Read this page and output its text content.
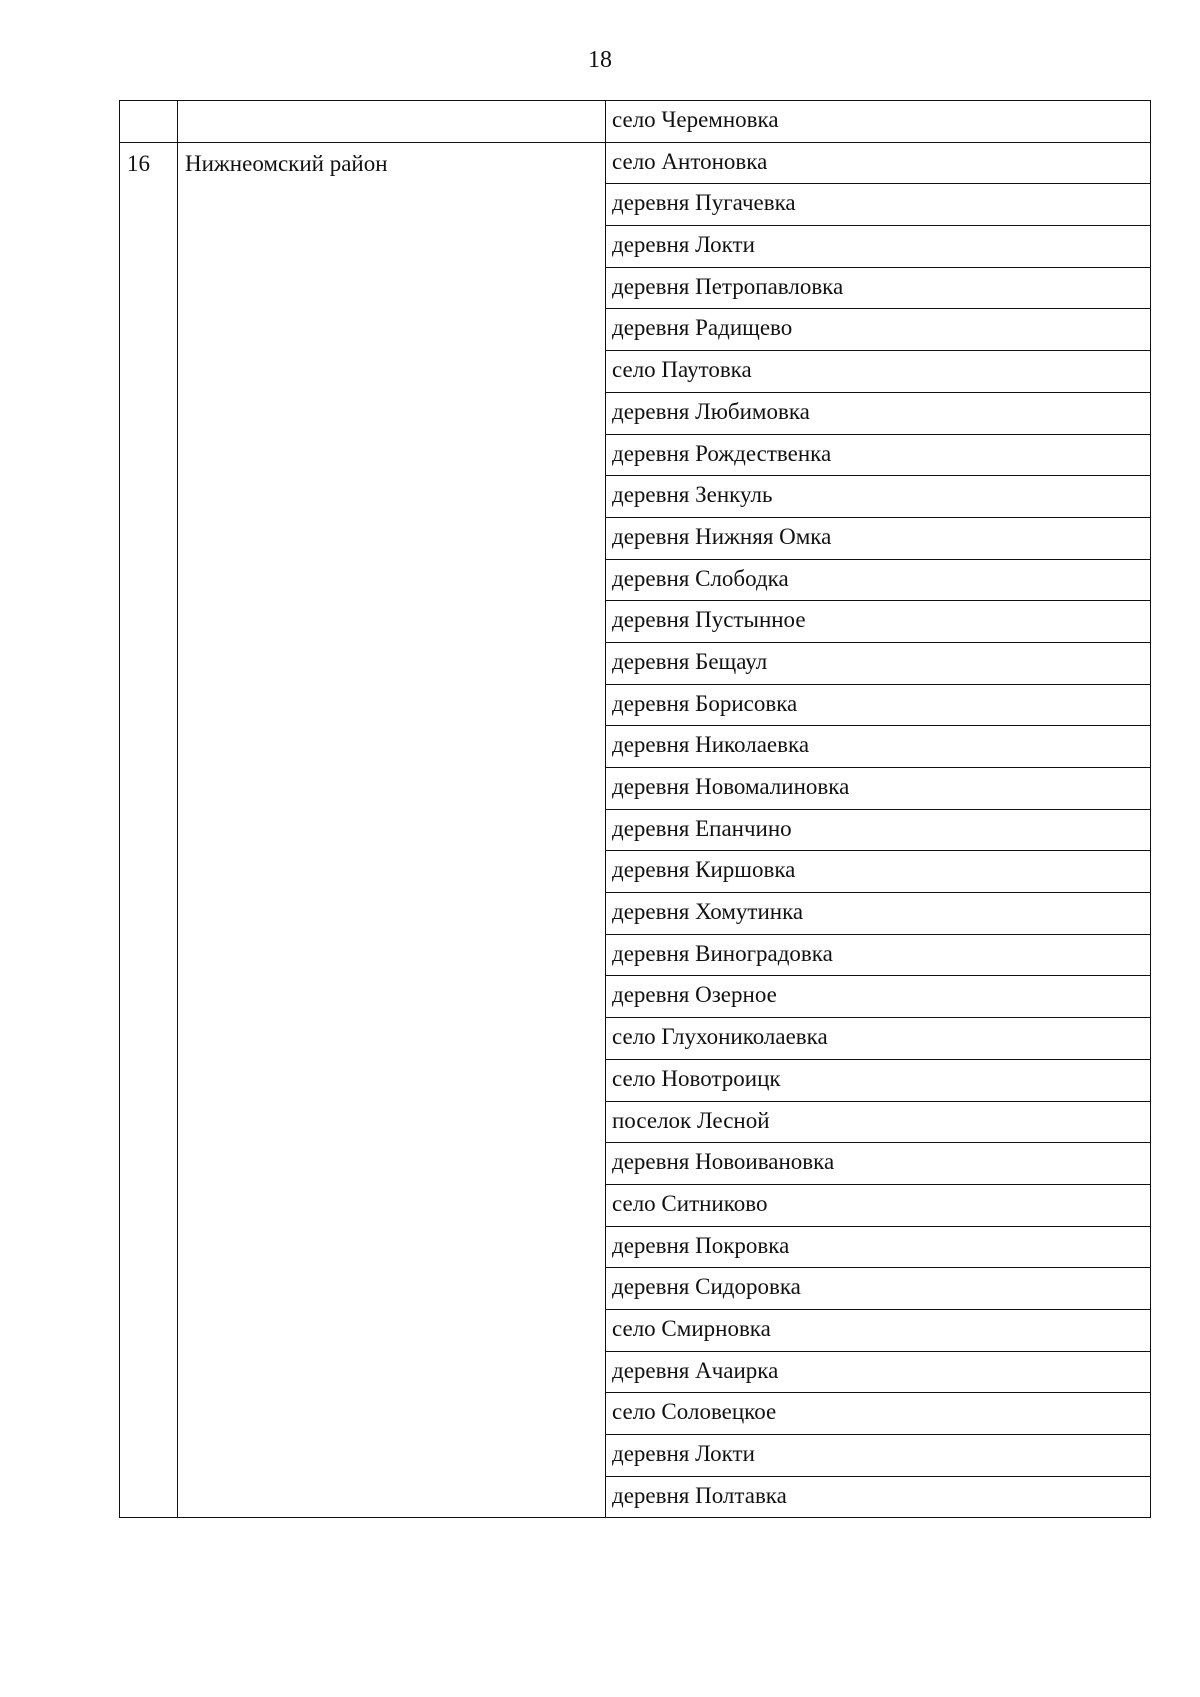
18
		село Черемновка
16	Нижнеомский район	село Антоновка
		деревня Пугачевка
		деревня Локти
		деревня Петропавловка
		деревня Радищево
		село Паутовка
		деревня Любимовка
		деревня Рождественка
		деревня Зенкуль
		деревня Нижняя Омка
		деревня Слободка
		деревня Пустынное
		деревня Бещаул
		деревня Борисовка
		деревня Николаевка
		деревня Новомалиновка
		деревня Епанчино
		деревня Киршовка
		деревня Хомутинка
		деревня Виноградовка
		деревня Озерное
		село Глухониколаевка
		село Новотроицк
		поселок Лесной
		деревня Новоивановка
		село Ситниково
		деревня Покровка
		деревня Сидоровка
		село Смирновка
		деревня Ачаирка
		село Соловецкое
		деревня Локти
		деревня Полтавка
